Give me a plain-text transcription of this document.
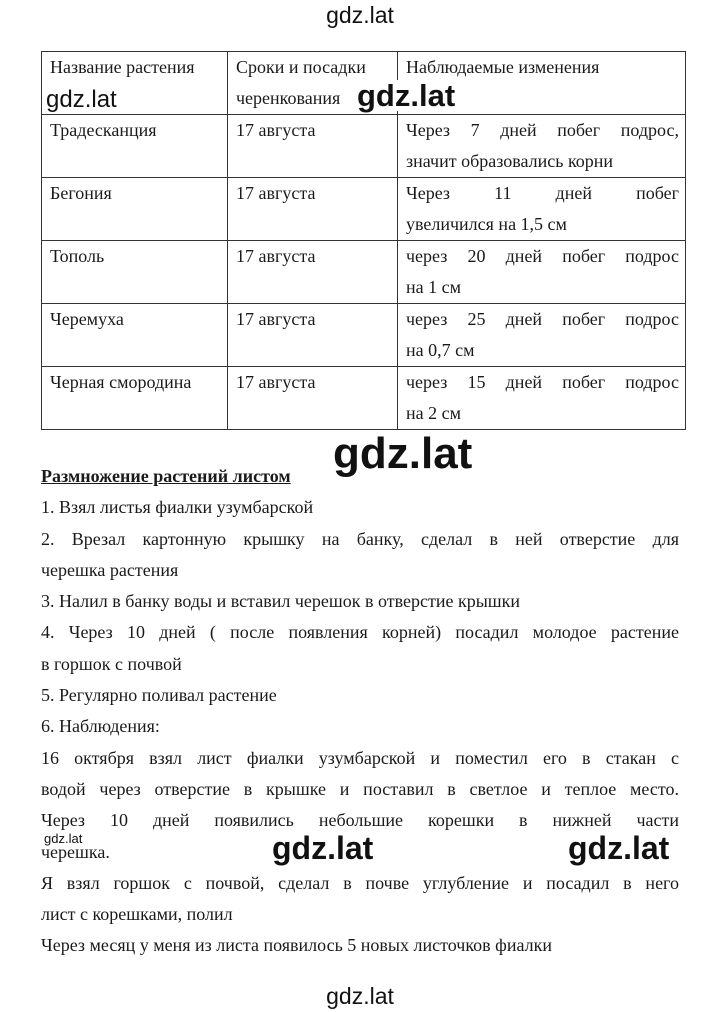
gdz.lat
Название растения	Сроки и посадки черенкования	Наблюдаемые изменения
Традесканция	17 августа	Через 7 дней побег подрос,
значит образовались корни
Бегония	17 августа	Через 11 дней побег
увеличился на 1,5 см
Тополь	17 августа	через 20 дней побег подрос
на 1 см
Черемуха	17 августа	через 25 дней побег подрос
на 0,7 см
Черная смородина	17 августа	через 15 дней побег подрос
на 2 см
gdz.lat	gdz.lat
Размножение растений листом
1. Взял листья фиалки узумбарской
2. Врезал картонную крышку на банку, сделал в ней отверстие для
черешка растения
3. Налил в банку воды и вставил черешок в отверстие крышки
4. Через 10 дней ( после появления корней) посадил молодое растение
в горшок с почвой
5. Регулярно поливал растение
6. Наблюдения:
16 октября взял лист фиалки узумбарской и поместил его в стакан с
водой через отверстие в крышке и поставил в светлое и теплое место.
Через 10 дней появились небольшие корешки в нижней части
черешка.
Я взял горшок с почвой, сделал в почве углубление и посадил в него
лист с корешками, полил
Через месяц у меня из листа появилось 5 новых листочков фиалки
gdz.lat
gdz.lat	gdz.lat	gdz.lat
gdz.lat
